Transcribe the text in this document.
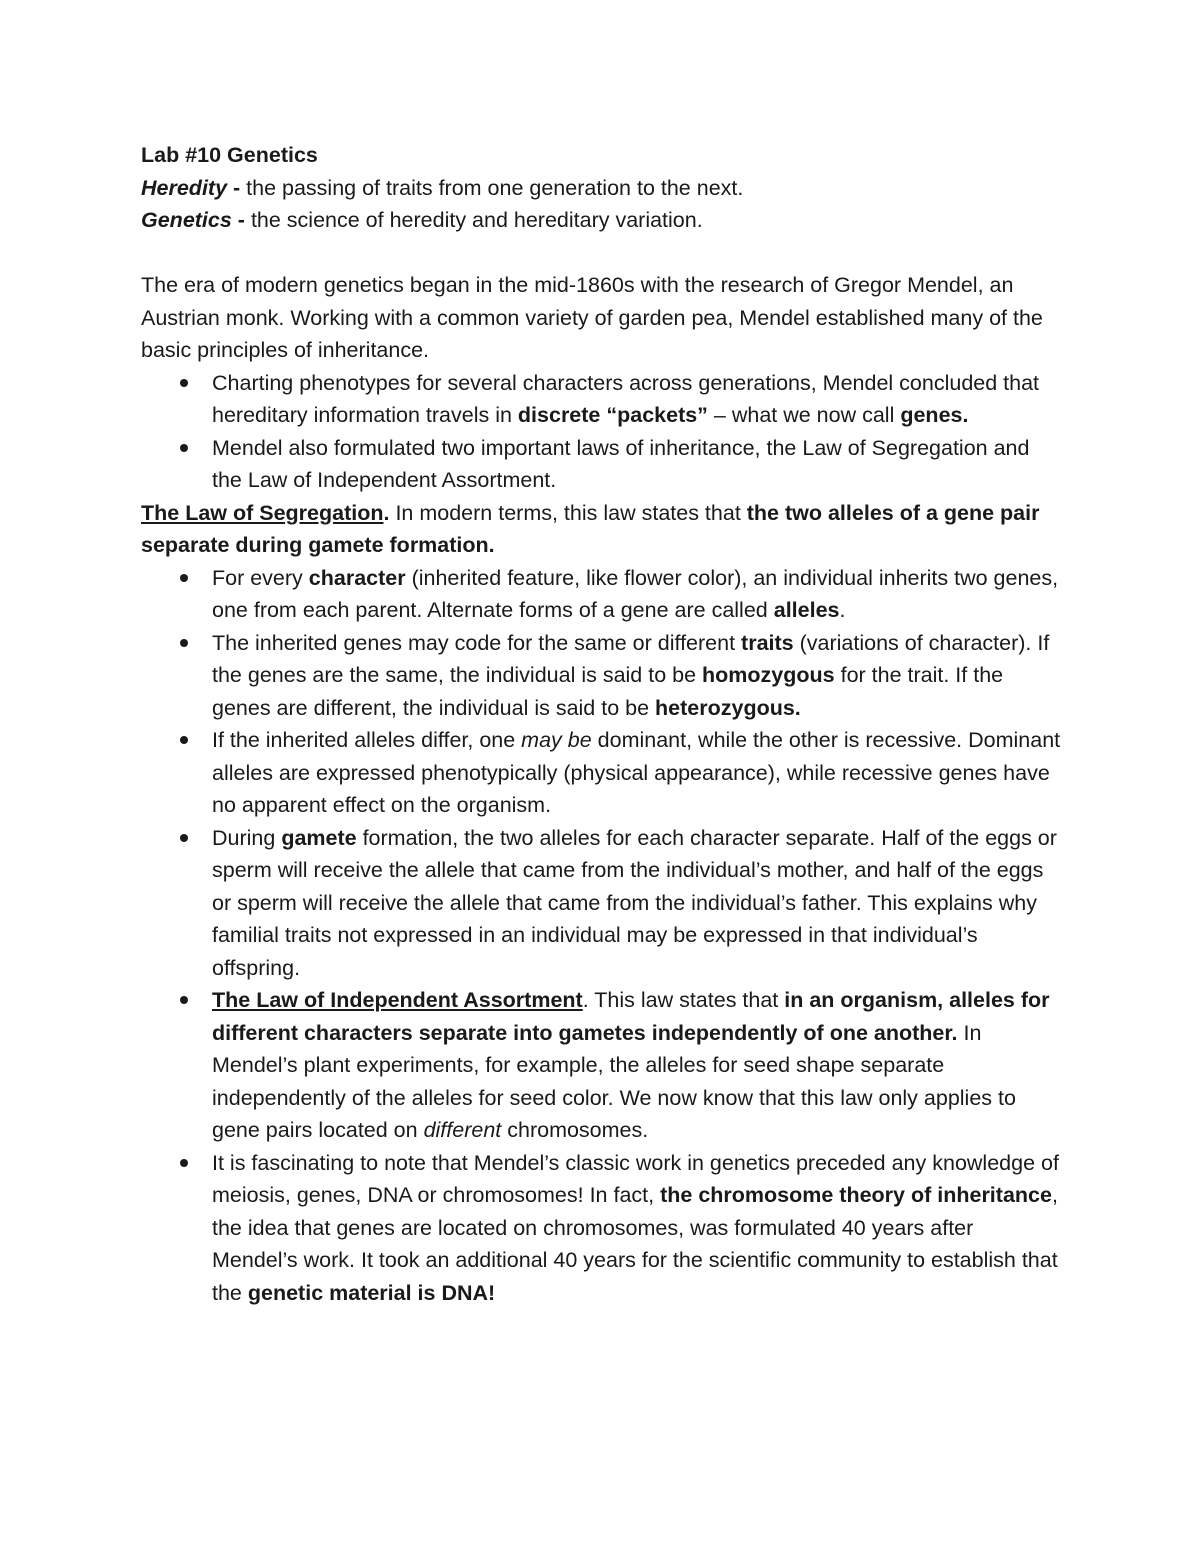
Lab #10 Genetics

Heredity - the passing of traits from one generation to the next.

Genetics - the science of heredity and hereditary variation.

The era of modern genetics began in the mid-1860s with the research of Gregor Mendel, an Austrian monk. Working with a common variety of garden pea, Mendel established many of the basic principles of inheritance.

Charting phenotypes for several characters across generations, Mendel concluded that hereditary information travels in discrete “packets” – what we now call genes.
Mendel also formulated two important laws of inheritance, the Law of Segregation and the Law of Independent Assortment.

The Law of Segregation. In modern terms, this law states that the two alleles of a gene pair separate during gamete formation.

For every character (inherited feature, like flower color), an individual inherits two genes, one from each parent. Alternate forms of a gene are called alleles.
The inherited genes may code for the same or different traits (variations of character). If the genes are the same, the individual is said to be homozygous for the trait. If the genes are different, the individual is said to be heterozygous.
If the inherited alleles differ, one may be dominant, while the other is recessive. Dominant alleles are expressed phenotypically (physical appearance), while recessive genes have no apparent effect on the organism.
During gamete formation, the two alleles for each character separate. Half of the eggs or sperm will receive the allele that came from the individual’s mother, and half of the eggs or sperm will receive the allele that came from the individual’s father. This explains why familial traits not expressed in an individual may be expressed in that individual’s offspring.
The Law of Independent Assortment. This law states that in an organism, alleles for different characters separate into gametes independently of one another. In Mendel’s plant experiments, for example, the alleles for seed shape separate independently of the alleles for seed color. We now know that this law only applies to gene pairs located on different chromosomes.
It is fascinating to note that Mendel’s classic work in genetics preceded any knowledge of meiosis, genes, DNA or chromosomes! In fact, the chromosome theory of inheritance, the idea that genes are located on chromosomes, was formulated 40 years after Mendel’s work. It took an additional 40 years for the scientific community to establish that the genetic material is DNA!
